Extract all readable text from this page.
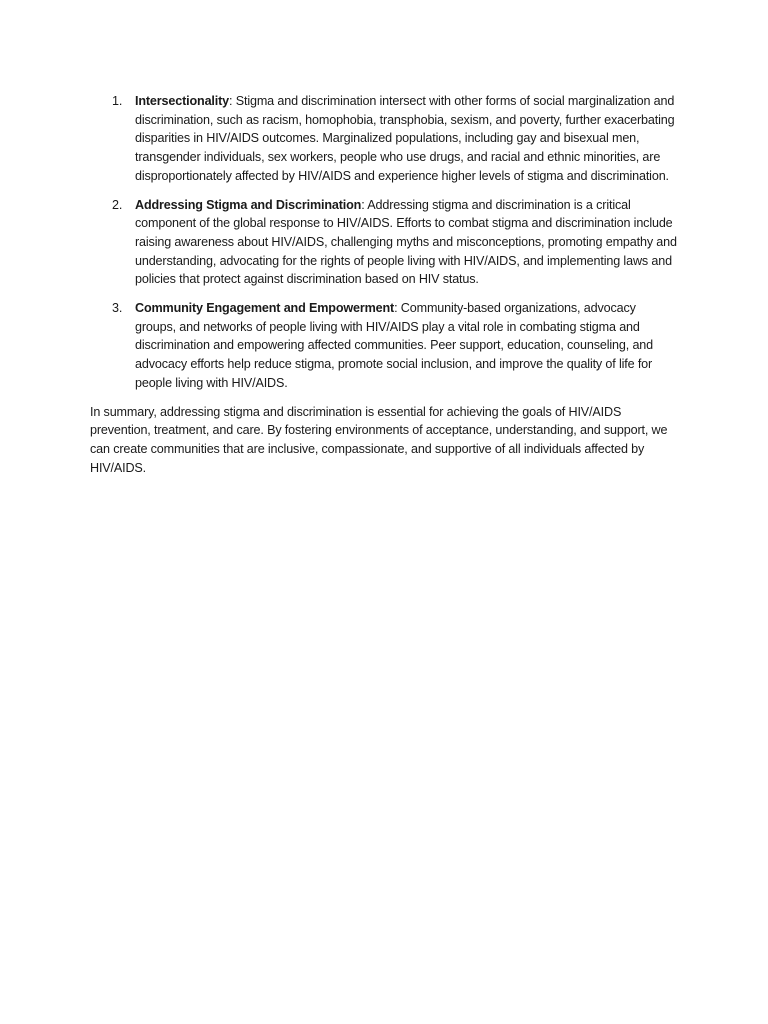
1. Intersectionality: Stigma and discrimination intersect with other forms of social marginalization and discrimination, such as racism, homophobia, transphobia, sexism, and poverty, further exacerbating disparities in HIV/AIDS outcomes. Marginalized populations, including gay and bisexual men, transgender individuals, sex workers, people who use drugs, and racial and ethnic minorities, are disproportionately affected by HIV/AIDS and experience higher levels of stigma and discrimination.
2. Addressing Stigma and Discrimination: Addressing stigma and discrimination is a critical component of the global response to HIV/AIDS. Efforts to combat stigma and discrimination include raising awareness about HIV/AIDS, challenging myths and misconceptions, promoting empathy and understanding, advocating for the rights of people living with HIV/AIDS, and implementing laws and policies that protect against discrimination based on HIV status.
3. Community Engagement and Empowerment: Community-based organizations, advocacy groups, and networks of people living with HIV/AIDS play a vital role in combating stigma and discrimination and empowering affected communities. Peer support, education, counseling, and advocacy efforts help reduce stigma, promote social inclusion, and improve the quality of life for people living with HIV/AIDS.

In summary, addressing stigma and discrimination is essential for achieving the goals of HIV/AIDS prevention, treatment, and care. By fostering environments of acceptance, understanding, and support, we can create communities that are inclusive, compassionate, and supportive of all individuals affected by HIV/AIDS.
